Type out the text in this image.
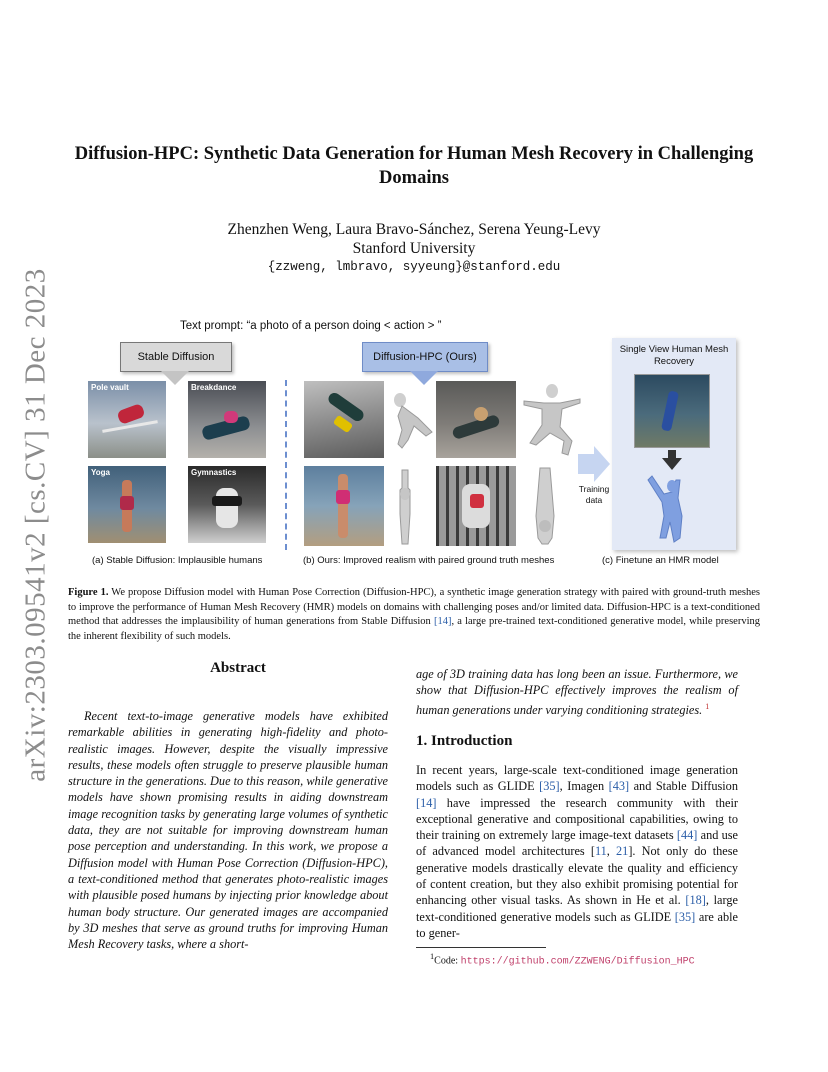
arXiv:2303.09541v2 [cs.CV] 31 Dec 2023
Diffusion-HPC: Synthetic Data Generation for Human Mesh Recovery in Challenging Domains
Zhenzhen Weng, Laura Bravo-Sánchez, Serena Yeung-Levy
Stanford University
{zzweng, lmbravo, syyeung}@stanford.edu
Text prompt: “a photo of a person doing < action > ”
Stable Diffusion	Diffusion-HPC (Ours)
Pole vault	Breakdance
Yoga	Gymnastics
Training data
Single View Human Mesh Recovery
(a) Stable Diffusion: Implausible humans	(b) Ours: Improved realism with paired ground truth meshes	(c) Finetune an HMR model
Figure 1. We propose Diffusion model with Human Pose Correction (Diffusion-HPC), a synthetic image generation strategy with paired with ground-truth meshes to improve the performance of Human Mesh Recovery (HMR) models on domains with challenging poses and/or limited data. Diffusion-HPC is a text-conditioned method that addresses the implausibility of human generations from Stable Diffusion [14], a large pre-trained text-conditioned generative model, while preserving the inherent flexibility of such models.
Abstract
Recent text-to-image generative models have exhibited remarkable abilities in generating high-fidelity and photo-realistic images. However, despite the visually impressive results, these models often struggle to preserve plausible human structure in the generations. Due to this reason, while generative models have shown promising results in aiding downstream image recognition tasks by generating large volumes of synthetic data, they are not suitable for improving downstream human pose perception and understanding. In this work, we propose a Diffusion model with Human Pose Correction (Diffusion-HPC), a text-conditioned method that generates photo-realistic images with plausible posed humans by injecting prior knowledge about human body structure. Our generated images are accompanied by 3D meshes that serve as ground truths for improving Human Mesh Recovery tasks, where a short-
age of 3D training data has long been an issue. Furthermore, we show that Diffusion-HPC effectively improves the realism of human generations under varying conditioning strategies. $^1$
1. Introduction
In recent years, large-scale text-conditioned image generation models such as GLIDE [35], Imagen [43] and Stable Diffusion [14] have impressed the research community with their exceptional generative and compositional capabilities, owing to their training on extremely large image-text datasets [44] and use of advanced model architectures [11, 21]. Not only do these generative models drastically elevate the quality and efficiency of content creation, but they also exhibit promising potential for enhancing other visual tasks. As shown in He et al. [18], large text-conditioned generative models such as GLIDE [35] are able to gener-
$^1$Code: https://github.com/ZZWENG/Diffusion_HPC
